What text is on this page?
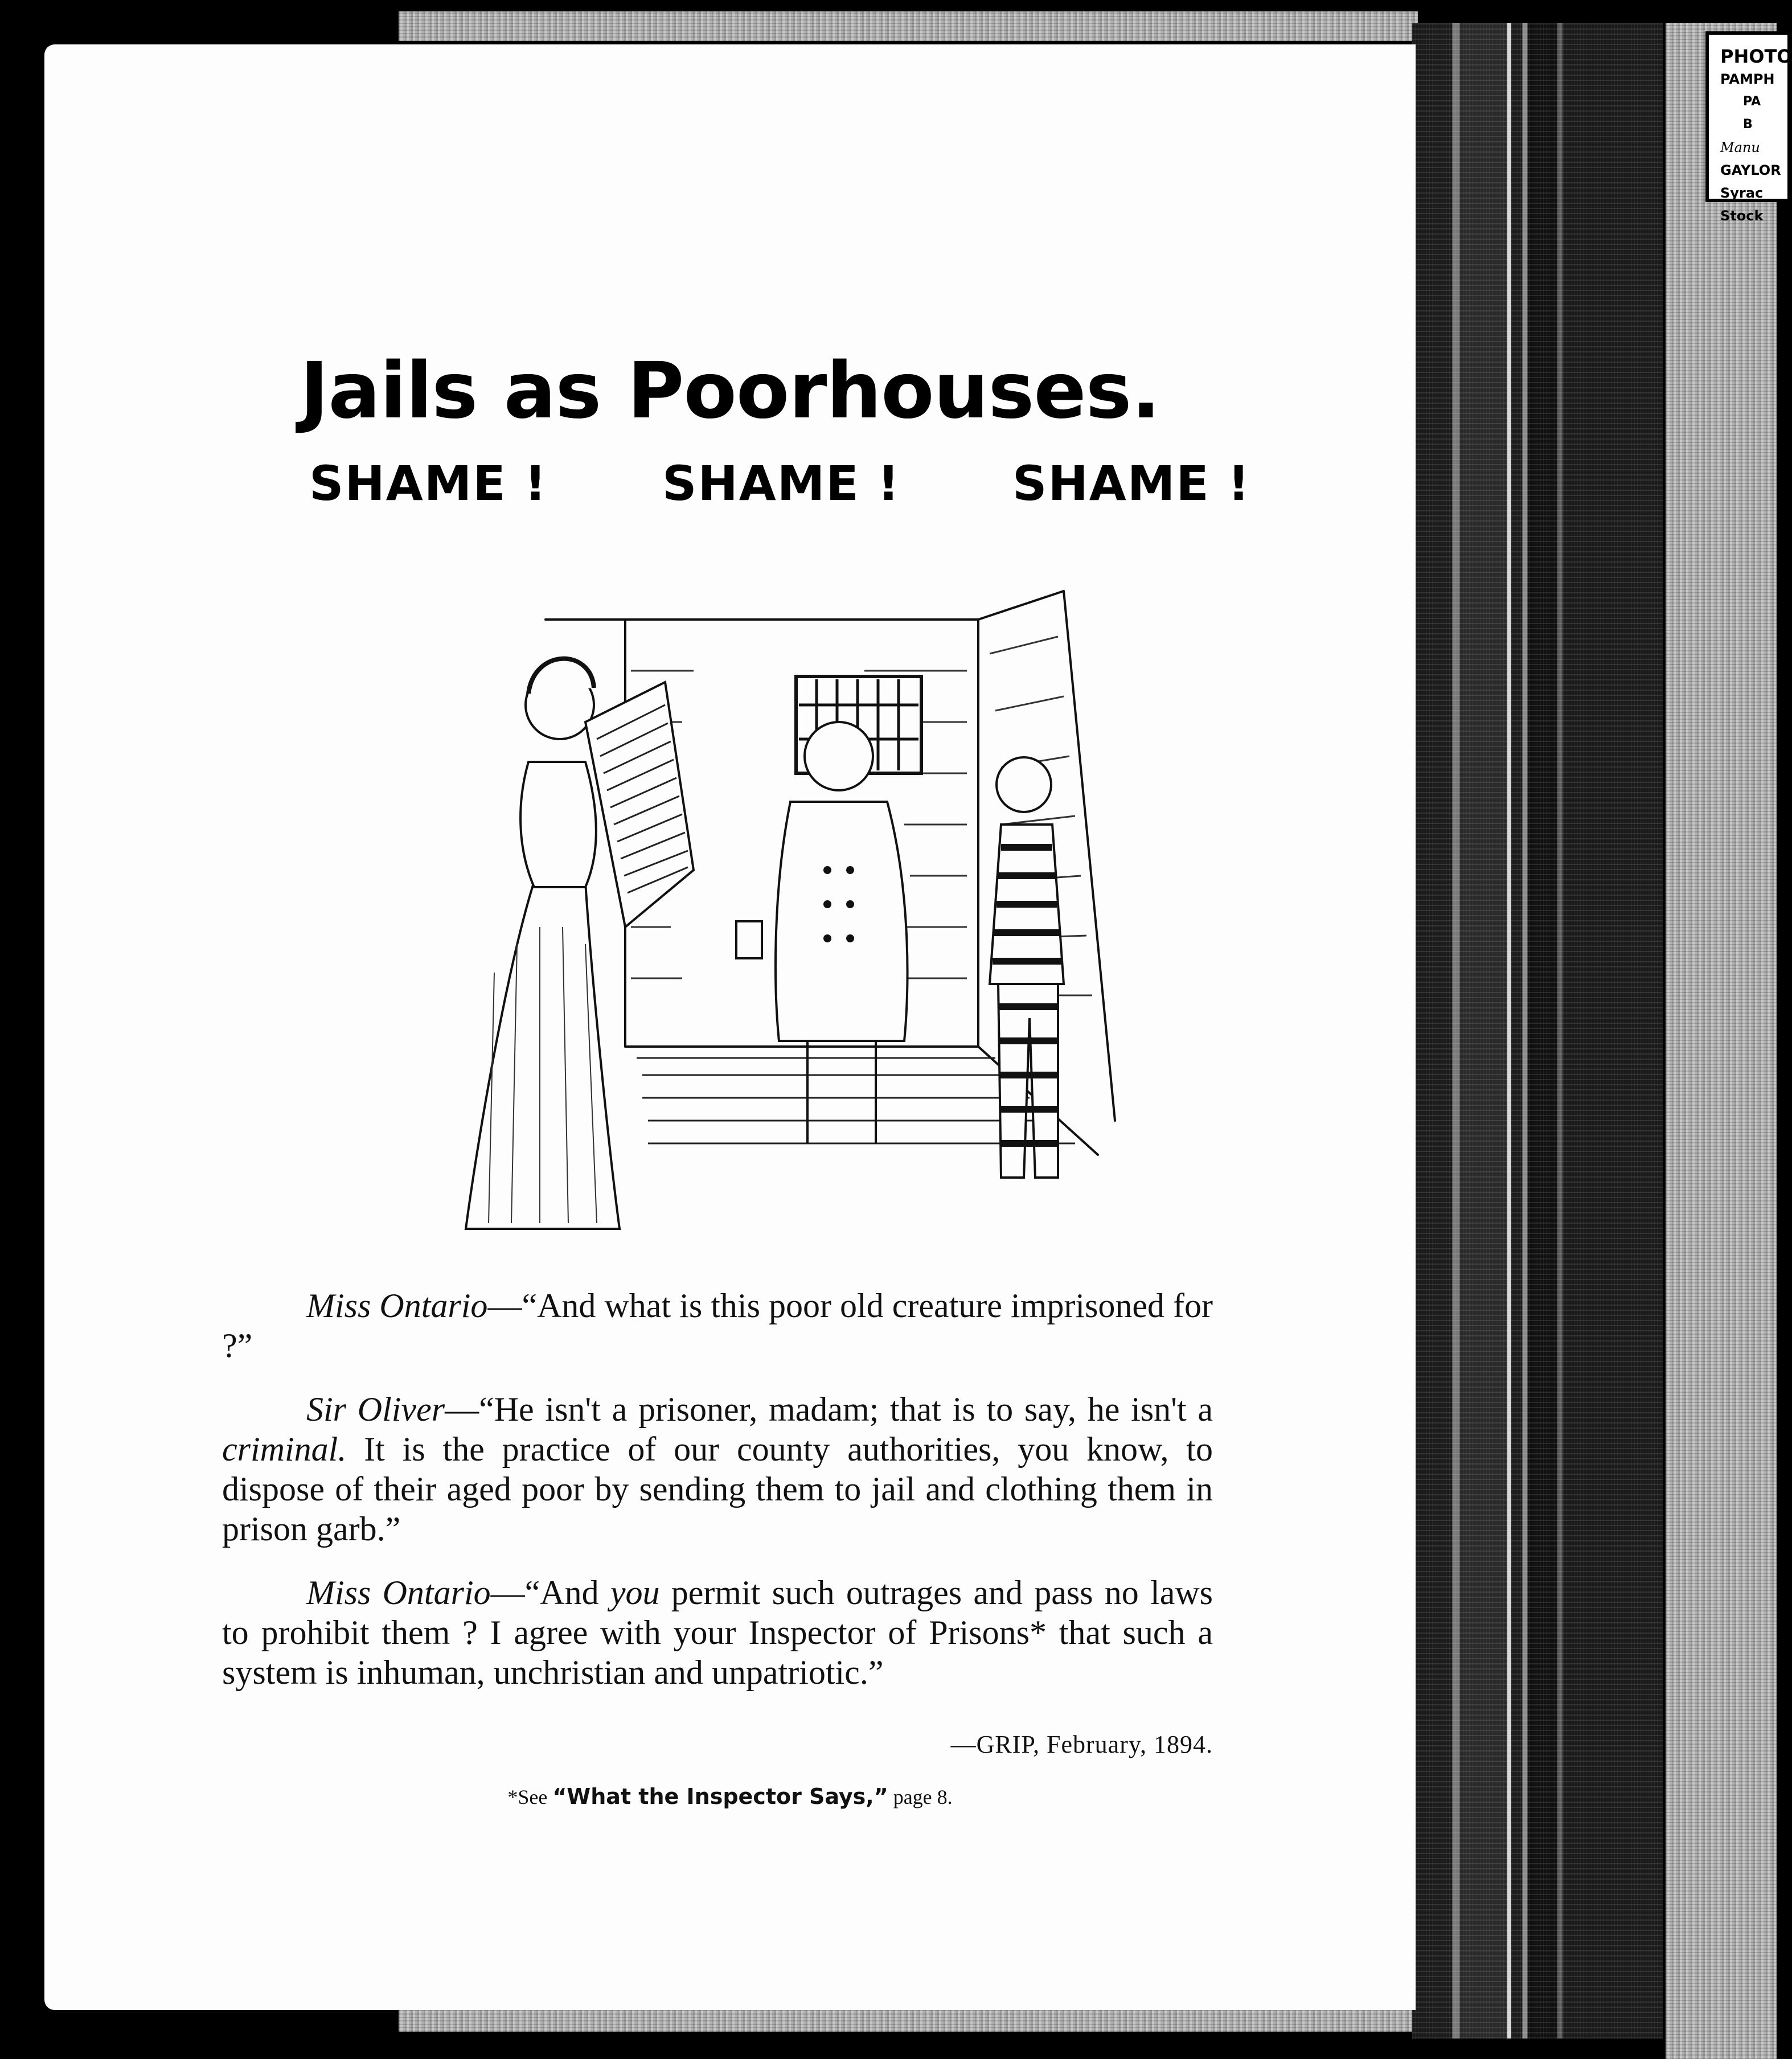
PHOTO
PAMPH
PA
B
Manu
GAYLOR
Syrac
Stock
Jails as Poorhouses.
SHAME ! SHAME ! SHAME !

Miss Ontario—“And what is this poor old creature imprisoned for ?”

Sir Oliver—“He isn't a prisoner, madam; that is to say, he isn't a criminal. It is the practice of our county authorities, you know, to dispose of their aged poor by sending them to jail and clothing them in prison garb.”

Miss Ontario—“And you permit such outrages and pass no laws to prohibit them ? I agree with your Inspector of Prisons* that such a system is inhuman, unchristian and unpatriotic.”

—GRIP, February, 1894.
*See “What the Inspector Says,” page 8.
